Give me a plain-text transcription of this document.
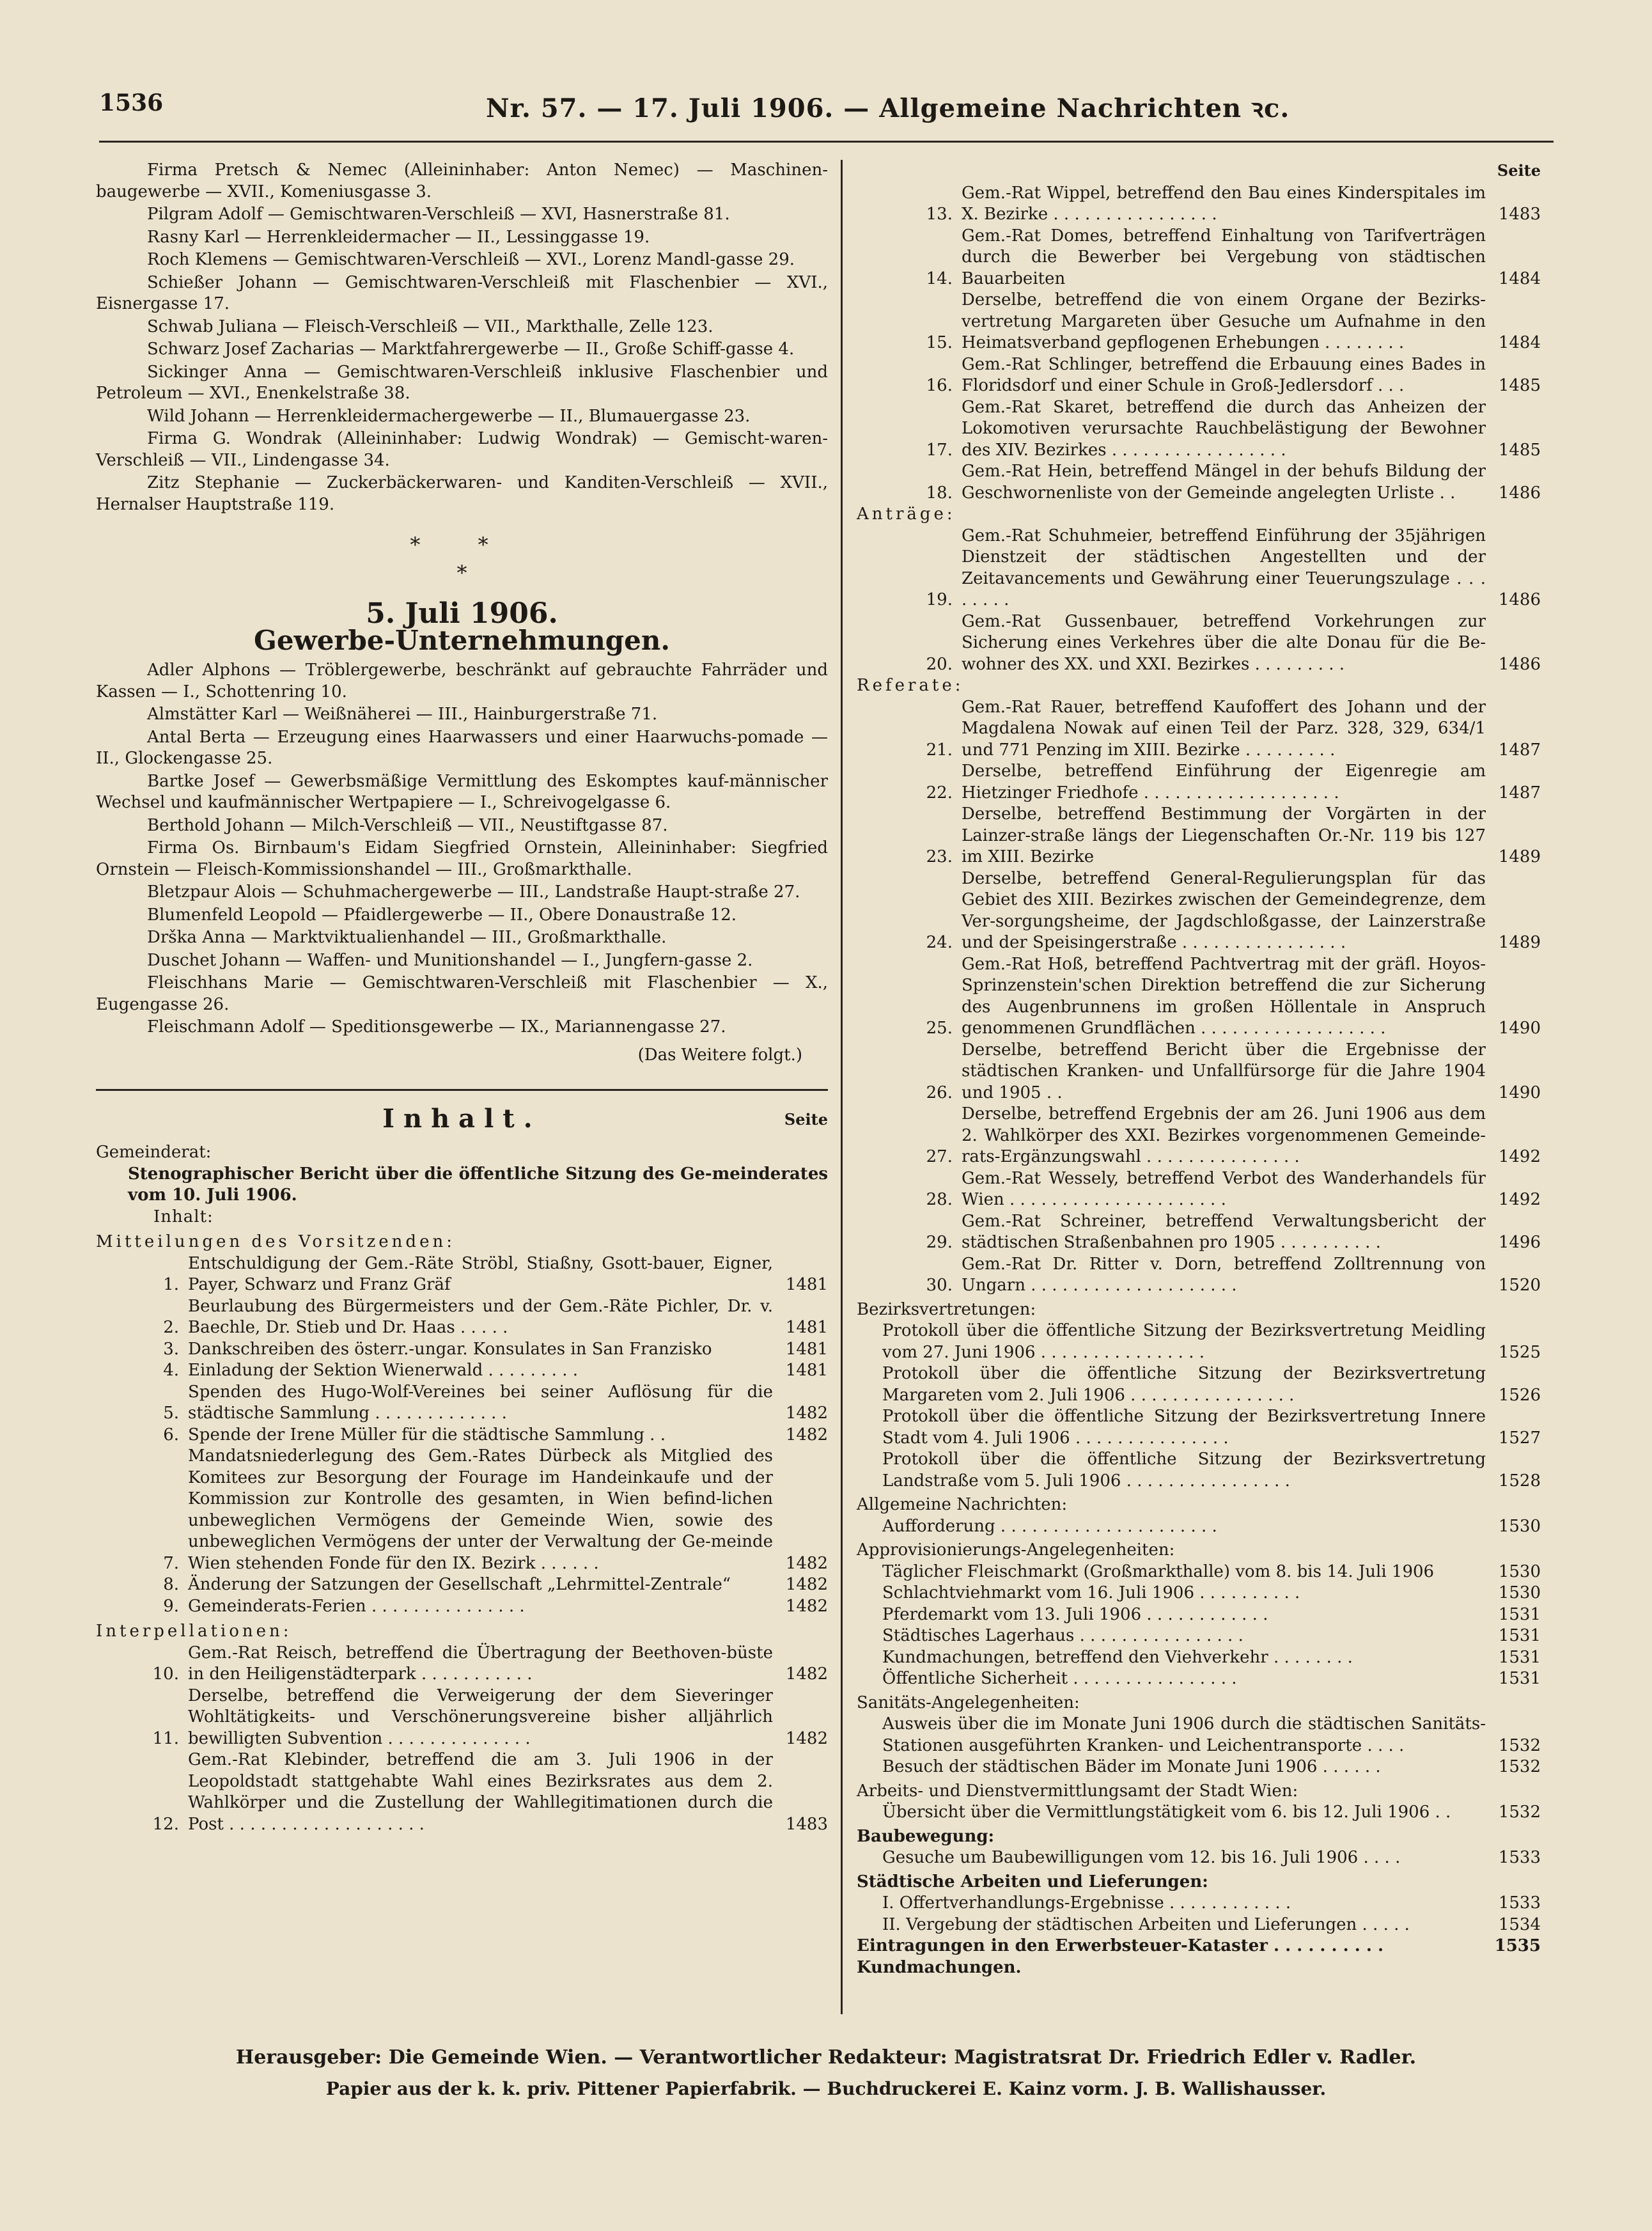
1536	Nr. 57. — 17. Juli 1906. — Allgemeine Nachrichten ꝛc.

Firma Pretsch & Nemec (Alleininhaber: Anton Nemec) — Maschinenbaugewerbe — XVII., Komeniusgasse 3.

Pilgram Adolf — Gemischtwaren-Verschleiß — XVI, Hasnerstraße 81.

Rasny Karl — Herrenkleidermacher — II., Lessinggasse 19.

Roch Klemens — Gemischtwaren-Verschleiß — XVI., Lorenz Mandl-gasse 29.

Schießer Johann — Gemischtwaren-Verschleiß mit Flaschenbier — XVI., Eisnergasse 17.

Schwab Juliana — Fleisch-Verschleiß — VII., Markthalle, Zelle 123.

Schwarz Josef Zacharias — Marktfahrergewerbe — II., Große Schiff-gasse 4.

Sickinger Anna — Gemischtwaren-Verschleiß inklusive Flaschenbier und Petroleum — XVI., Enenkelstraße 38.

Wild Johann — Herrenkleidermachergewerbe — II., Blumauergasse 23.

Firma G. Wondrak (Alleininhaber: Ludwig Wondrak) — Gemischt-waren-Verschleiß — VII., Lindengasse 34.

Zitz Stephanie — Zuckerbäckerwaren- und Kanditen-Verschleiß — XVII., Hernalser Hauptstraße 119.

* *
*
5. Juli 1906.
Gewerbe-Unternehmungen.

Adler Alphons — Tröblergewerbe, beschränkt auf gebrauchte Fahrräder und Kassen — I., Schottenring 10.

Almstätter Karl — Weißnäherei — III., Hainburgerstraße 71.

Antal Berta — Erzeugung eines Haarwassers und einer Haarwuchs-pomade — II., Glockengasse 25.

Bartke Josef — Gewerbsmäßige Vermittlung des Eskomptes kauf-männischer Wechsel und kaufmännischer Wertpapiere — I., Schreivogelgasse 6.

Berthold Johann — Milch-Verschleiß — VII., Neustiftgasse 87.

Firma Os. Birnbaum's Eidam Siegfried Ornstein, Alleininhaber: Siegfried Ornstein — Fleisch-Kommissionshandel — III., Großmarkthalle.

Bletzpaur Alois — Schuhmachergewerbe — III., Landstraße Haupt-straße 27.

Blumenfeld Leopold — Pfaidlergewerbe — II., Obere Donaustraße 12.

Drška Anna — Marktviktualienhandel — III., Großmarkthalle.

Duschet Johann — Waffen- und Munitionshandel — I., Jungfern-gasse 2.

Fleischhans Marie — Gemischtwaren-Verschleiß mit Flaschenbier — X., Eugengasse 26.

Fleischmann Adolf — Speditionsgewerbe — IX., Mariannengasse 27.

(Das Weitere folgt.)
Inhalt.	Seite

Gemeinderat:

Stenographischer Bericht über die öffentliche Sitzung des Ge-meinderates vom 10. Juli 1906.

Inhalt:

Mitteilungen des Vorsitzenden:

1.
Entschuldigung der Gem.-Räte Ströbl, Stiaßny, Gsott-bauer, Eigner, Payer, Schwarz und Franz Gräf	1481
2.
Beurlaubung des Bürgermeisters und der Gem.-Räte Pichler, Dr. v. Baechle, Dr. Stieb und Dr. Haas . . . . .	1481
3. Dankschreiben des österr.-ungar. Konsulates in San Franzisko	1481
4. Einladung der Sektion Wienerwald . . . . . . . . .	1481
5.
Spenden des Hugo-Wolf-Vereines bei seiner Auflösung für die städtische Sammlung . . . . . . . . . . . . .	1482
6. Spende der Irene Müller für die städtische Sammlung . .	1482
7.
Mandatsniederlegung des Gem.-Rates Dürbeck als Mitglied des Komitees zur Besorgung der Fourage im Handeinkaufe und der Kommission zur Kontrolle des gesamten, in Wien befind-lichen unbeweglichen Vermögens der Gemeinde Wien, sowie des unbeweglichen Vermögens der unter der Verwaltung der Ge-meinde Wien stehenden Fonde für den IX. Bezirk . . . . . .	1482
8. Änderung der Satzungen der Gesellschaft „Lehrmittel-Zentrale“	1482
9. Gemeinderats-Ferien . . . . . . . . . . . . . . .	1482

Interpellationen:

10.
Gem.-Rat Reisch, betreffend die Übertragung der Beethoven-büste in den Heiligenstädterpark . . . . . . . . . . .	1482
11.
Derselbe, betreffend die Verweigerung der dem Sieveringer Wohltätigkeits- und Verschönerungsvereine bisher alljährlich bewilligten Subvention . . . . . . . . . . . . . .	1482
12.
Gem.-Rat Klebinder, betreffend die am 3. Juli 1906 in der Leopoldstadt stattgehabte Wahl eines Bezirksrates aus dem 2. Wahlkörper und die Zustellung der Wahllegitimationen durch die Post . . . . . . . . . . . . . . . . . . .	1483
Seite
13.
Gem.-Rat Wippel, betreffend den Bau eines Kinderspitales im X. Bezirke . . . . . . . . . . . . . . . .	1483
14.
Gem.-Rat Domes, betreffend Einhaltung von Tarifverträgen durch die Bewerber bei Vergebung von städtischen Bauarbeiten	1484
15.
Derselbe, betreffend die von einem Organe der Bezirks-vertretung Margareten über Gesuche um Aufnahme in den Heimatsverband gepflogenen Erhebungen . . . . . . . .	1484
16.
Gem.-Rat Schlinger, betreffend die Erbauung eines Bades in Floridsdorf und einer Schule in Groß-Jedlersdorf . . .	1485
17.
Gem.-Rat Skaret, betreffend die durch das Anheizen der Lokomotiven verursachte Rauchbelästigung der Bewohner des XIV. Bezirkes . . . . . . . . . . . . . . . . .	1485
18.
Gem.-Rat Hein, betreffend Mängel in der behufs Bildung der Geschwornenliste von der Gemeinde angelegten Urliste . .	1486

Anträge:

19.
Gem.-Rat Schuhmeier, betreffend Einführung der 35jährigen Dienstzeit der städtischen Angestellten und der Zeitavancements und Gewährung einer Teuerungszulage . . . . . . . .	1486
20.
Gem.-Rat Gussenbauer, betreffend Vorkehrungen zur Sicherung eines Verkehres über die alte Donau für die Be-wohner des XX. und XXI. Bezirkes . . . . . . . . .	1486

Referate:

21.
Gem.-Rat Rauer, betreffend Kaufoffert des Johann und der Magdalena Nowak auf einen Teil der Parz. 328, 329, 634/1 und 771 Penzing im XIII. Bezirke . . . . . . . . .	1487
22.
Derselbe, betreffend Einführung der Eigenregie am Hietzinger Friedhofe . . . . . . . . . . . . . . . . . . .	1487
23.
Derselbe, betreffend Bestimmung der Vorgärten in der Lainzer-straße längs der Liegenschaften Or.-Nr. 119 bis 127 im XIII. Bezirke	1489
24.
Derselbe, betreffend General-Regulierungsplan für das Gebiet des XIII. Bezirkes zwischen der Gemeindegrenze, dem Ver-sorgungsheime, der Jagdschloßgasse, der Lainzerstraße und der Speisingerstraße . . . . . . . . . . . . . . . .	1489
25.
Gem.-Rat Hoß, betreffend Pachtvertrag mit der gräfl. Hoyos-Sprinzenstein'schen Direktion betreffend die zur Sicherung des Augenbrunnens im großen Höllentale in Anspruch genommenen Grundflächen . . . . . . . . . . . . . . . . . .	1490
26.
Derselbe, betreffend Bericht über die Ergebnisse der städtischen Kranken- und Unfallfürsorge für die Jahre 1904 und 1905 . .	1490
27.
Derselbe, betreffend Ergebnis der am 26. Juni 1906 aus dem 2. Wahlkörper des XXI. Bezirkes vorgenommenen Gemeinde-rats-Ergänzungswahl . . . . . . . . . . . . . . .	1492
28.
Gem.-Rat Wessely, betreffend Verbot des Wanderhandels für Wien . . . . . . . . . . . . . . . . . . . . .	1492
29.
Gem.-Rat Schreiner, betreffend Verwaltungsbericht der städtischen Straßenbahnen pro 1905 . . . . . . . . . .	1496
30.
Gem.-Rat Dr. Ritter v. Dorn, betreffend Zolltrennung von Ungarn . . . . . . . . . . . . . . . . . . . .	1520

Bezirksvertretungen:

Protokoll über die öffentliche Sitzung der Bezirksvertretung Meidling vom 27. Juni 1906 . . . . . . . . . . . . . . . .	1525
Protokoll über die öffentliche Sitzung der Bezirksvertretung Margareten vom 2. Juli 1906 . . . . . . . . . . . . . . . .	1526
Protokoll über die öffentliche Sitzung der Bezirksvertretung Innere Stadt vom 4. Juli 1906 . . . . . . . . . . . . . . .	1527
Protokoll über die öffentliche Sitzung der Bezirksvertretung Landstraße vom 5. Juli 1906 . . . . . . . . . . . . . . . .	1528

Allgemeine Nachrichten:

Aufforderung . . . . . . . . . . . . . . . . . . . . .	1530

Approvisionierungs-Angelegenheiten:

Täglicher Fleischmarkt (Großmarkthalle) vom 8. bis 14. Juli 1906	1530
Schlachtviehmarkt vom 16. Juli 1906 . . . . . . . . . .	1530
Pferdemarkt vom 13. Juli 1906 . . . . . . . . . . . .	1531
Städtisches Lagerhaus . . . . . . . . . . . . . . . .	1531
Kundmachungen, betreffend den Viehverkehr . . . . . . . .	1531
Öffentliche Sicherheit . . . . . . . . . . . . . . . .	1531

Sanitäts-Angelegenheiten:

Ausweis über die im Monate Juni 1906 durch die städtischen Sanitäts-Stationen ausgeführten Kranken- und Leichentransporte . . . .	1532
Besuch der städtischen Bäder im Monate Juni 1906 . . . . . .	1532

Arbeits- und Dienstvermittlungsamt der Stadt Wien:

Übersicht über die Vermittlungstätigkeit vom 6. bis 12. Juli 1906 . .	1532

Baubewegung:

Gesuche um Baubewilligungen vom 12. bis 16. Juli 1906 . . . .	1533

Städtische Arbeiten und Lieferungen:

I. Offertverhandlungs-Ergebnisse . . . . . . . . . . . .	1533
II. Vergebung der städtischen Arbeiten und Lieferungen . . . . .	1534
Eintragungen in den Erwerbsteuer-Kataster . . . . . . . . . .	1535

Kundmachungen.

Herausgeber: Die Gemeinde Wien. — Verantwortlicher Redakteur: Magistratsrat Dr. Friedrich Edler v. Radler.
Papier aus der k. k. priv. Pittener Papierfabrik. — Buchdruckerei E. Kainz vorm. J. B. Wallishausser.
